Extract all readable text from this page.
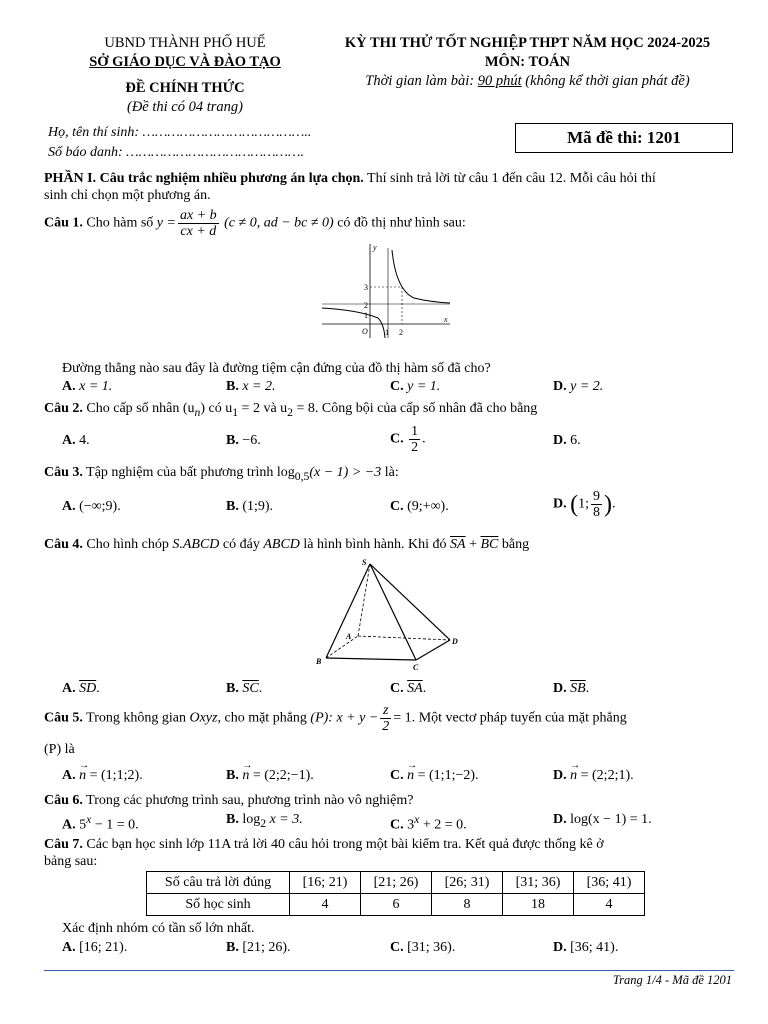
UBND THÀNH PHỐ HUẾ
SỞ GIÁO DỤC VÀ ĐÀO TẠO
ĐỀ CHÍNH THỨC
(Đề thi có 04 trang)
KỲ THI THỬ TỐT NGHIỆP THPT NĂM HỌC 2024-2025
MÔN: TOÁN
Thời gian làm bài: 90 phút (không kể thời gian phát đề)
Họ, tên thí sinh: …………………………………..
Số báo danh: …………………………………….
Mã đề thi: 1201
PHẦN I. Câu trắc nghiệm nhiều phương án lựa chọn. Thí sinh trả lời từ câu 1 đến câu 12. Mỗi câu hỏi thí
sinh chỉ chọn một phương án.
Câu 1. Cho hàm số $y = \frac{ax + b}{cx + d} (c \ne 0$, ad − bc ≠ 0) có đồ thị như hình sau:
y
x
O 1 2
3
2
1
Đường thẳng nào sau đây là đường tiệm cận đứng của đồ thị hàm số đã cho?
A. x = 1.	B. x = 2.	C. y = 1.	D. y = 2.
Câu 2. Cho cấp số nhân $(u_n)$ có $u_1 = 2$ và $u_2 = 8$. Công bội của cấp số nhân đã cho bằng
A. 4.	B. −6.	C. $\frac{1}{2}$ .	D. 6.
Câu 3. Tập nghiệm của bất phương trình $\log_{0,5}(x - 1) > -3$ là:
A. (−∞;9).	B. (1;9).	C. (9;+∞).	D. (1; $\frac{9}{8}$ ).
Câu 4. Cho hình chóp S.ABCD có đáy ABCD là hình bình hành. Khi đó $\overline{SA} + \overline{BC}$ bằng
S
A
B
C
D
A. $\overline{SD}$.	B. $\overline{SC}$.	C. $\overline{SA}$.	D. $\overline{SB}$.
Câu 5. Trong không gian Oxyz, cho mặt phẳng (P): $x + y - \frac{z}{2} = 1$. Một vectơ pháp tuyến của mặt phẳng
(P) là
A. → n = (1;1;2).	B. → n = (2;2;−1).	C. → n = (1;1;−2).	D. → n = (2;2;1).
Câu 6. Trong các phương trình sau, phương trình nào vô nghiệm?
A. $5^x - 1 = 0$.	B. $\log_2 x = 3$.	C. $3^x + 2 = 0$.	D. log(x − 1) = 1.
Câu 7. Các bạn học sinh lớp 11A trả lời 40 câu hỏi trong một bài kiểm tra. Kết quả được thống kê ở
bảng sau:
Số câu trả lời đúng	[16; 21)	[21; 26)	[26; 31)	[31; 36)	[36; 41)
Số học sinh	4	6	8	18	4
Xác định nhóm có tần số lớn nhất.
A. [16; 21).	B. [21; 26).	C. [31; 36).	D. [36; 41).
Trang 1/4 - Mã đề 1201
